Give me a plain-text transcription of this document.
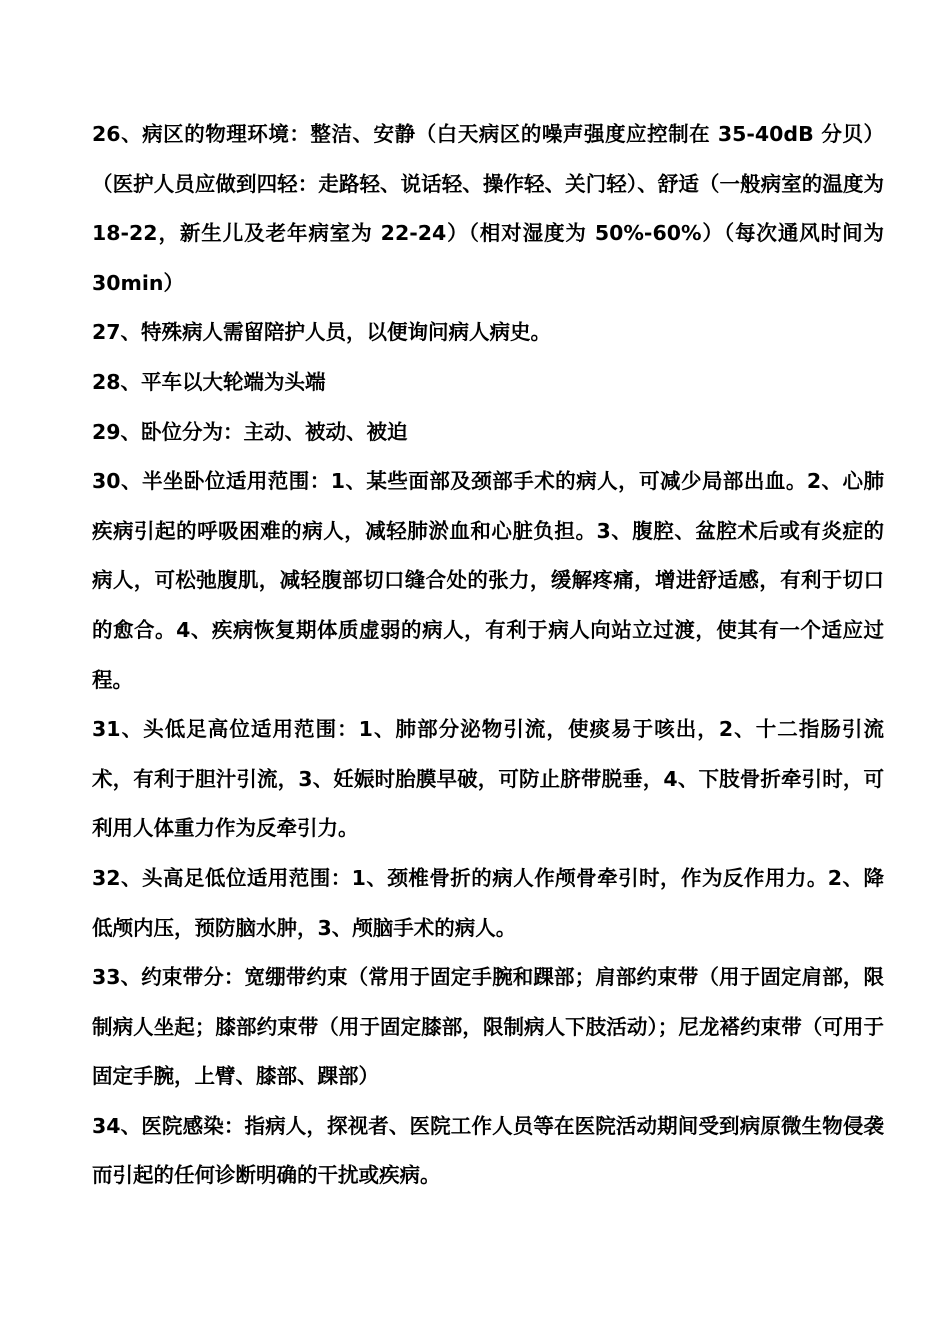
26、病区的物理环境：整洁、安静（白天病区的噪声强度应控制在 35-40dB 分贝）（医护人员应做到四轻：走路轻、说话轻、操作轻、关门轻）、舒适（一般病室的温度为 18-22，新生儿及老年病室为 22-24）（相对湿度为 50%-60%）（每次通风时间为 30min）

27、特殊病人需留陪护人员，以便询问病人病史。

28、平车以大轮端为头端

29、卧位分为：主动、被动、被迫

30、半坐卧位适用范围：1、某些面部及颈部手术的病人，可减少局部出血。2、心肺疾病引起的呼吸困难的病人，减轻肺淤血和心脏负担。3、腹腔、盆腔术后或有炎症的病人，可松弛腹肌，减轻腹部切口缝合处的张力，缓解疼痛，增进舒适感，有利于切口的愈合。4、疾病恢复期体质虚弱的病人，有利于病人向站立过渡，使其有一个适应过程。

31、头低足高位适用范围：1、肺部分泌物引流，使痰易于咳出，2、十二指肠引流术，有利于胆汁引流，3、妊娠时胎膜早破，可防止脐带脱垂，4、下肢骨折牵引时，可利用人体重力作为反牵引力。

32、头高足低位适用范围：1、颈椎骨折的病人作颅骨牵引时，作为反作用力。2、降低颅内压，预防脑水肿，3、颅脑手术的病人。

33、约束带分：宽绷带约束（常用于固定手腕和踝部；肩部约束带（用于固定肩部，限制病人坐起；膝部约束带（用于固定膝部，限制病人下肢活动）；尼龙褡约束带（可用于固定手腕，上臂、膝部、踝部）

34、医院感染：指病人，探视者、医院工作人员等在医院活动期间受到病原微生物侵袭而引起的任何诊断明确的干扰或疾病。
